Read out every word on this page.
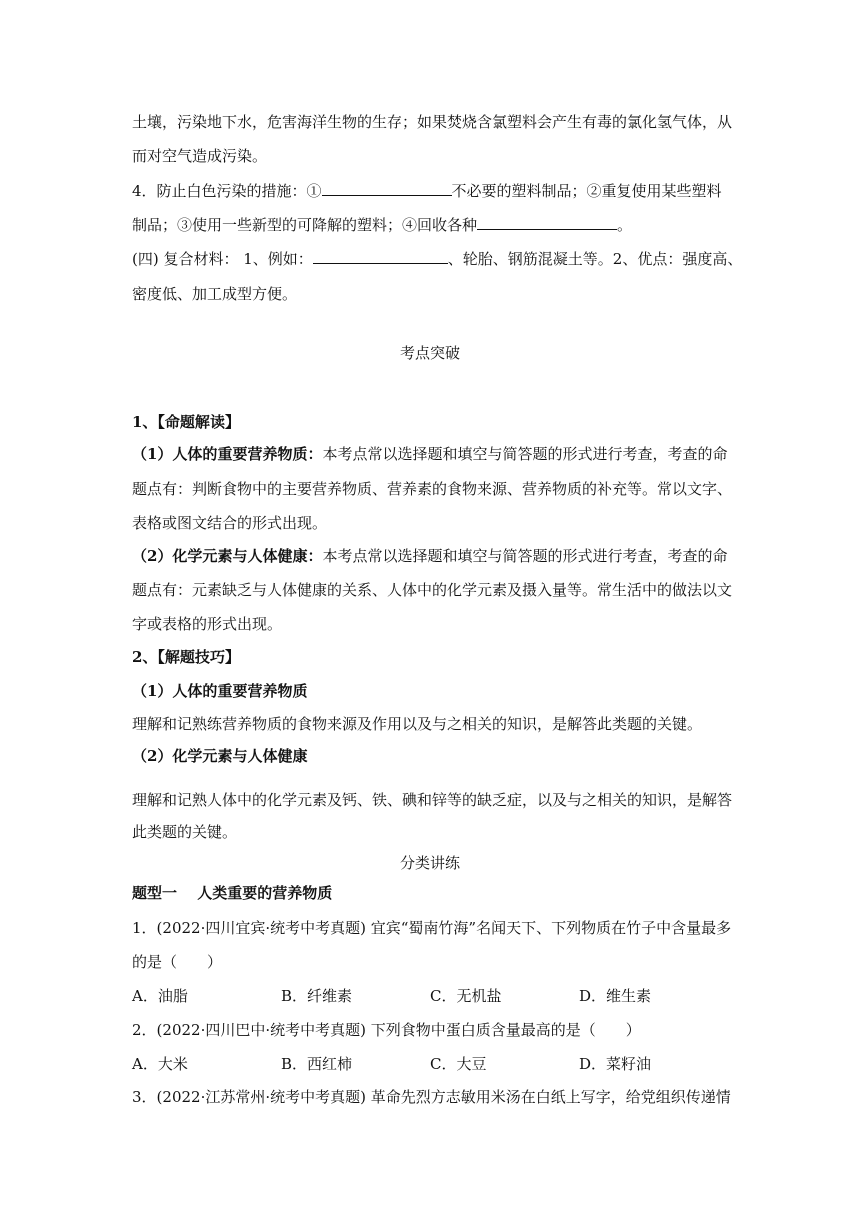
土壤，污染地下水，危害海洋生物的生存；如果焚烧含氯塑料会产生有毒的氯化氢气体，从
而对空气造成污染。
4．防止白色污染的措施：①	不必要的塑料制品；②重复使用某些塑料
制品；③使用一些新型的可降解的塑料；④回收各种	。
(四) 复合材料： 1、例如：	、轮胎、钢筋混凝土等。2、优点：强度高、
密度低、加工成型方便。
考点突破
1、【命题解读】
（1）人体的重要营养物质：本考点常以选择题和填空与简答题的形式进行考查，考查的命
题点有：判断食物中的主要营养物质、营养素的食物来源、营养物质的补充等。常以文字、
表格或图文结合的形式出现。
（2）化学元素与人体健康：本考点常以选择题和填空与简答题的形式进行考查，考查的命
题点有：元素缺乏与人体健康的关系、人体中的化学元素及摄入量等。常生活中的做法以文
字或表格的形式出现。
2、【解题技巧】
（1）人体的重要营养物质
理解和记熟练营养物质的食物来源及作用以及与之相关的知识，是解答此类题的关键。
（2）化学元素与人体健康
理解和记熟人体中的化学元素及钙、铁、碘和锌等的缺乏症，以及与之相关的知识，是解答
此类题的关键。
分类讲练
题型一　 人类重要的营养物质
1．(2022·四川宜宾·统考中考真题) 宜宾“蜀南竹海”名闻天下、下列物质在竹子中含量最多
的是（　　）
A．油脂	B．纤维素	C．无机盐	D．维生素
2．(2022·四川巴中·统考中考真题) 下列食物中蛋白质含量最高的是（　　）
A．大米	B．西红柿	C．大豆	D．菜籽油
3．(2022·江苏常州·统考中考真题) 革命先烈方志敏用米汤在白纸上写字，给党组织传递情
